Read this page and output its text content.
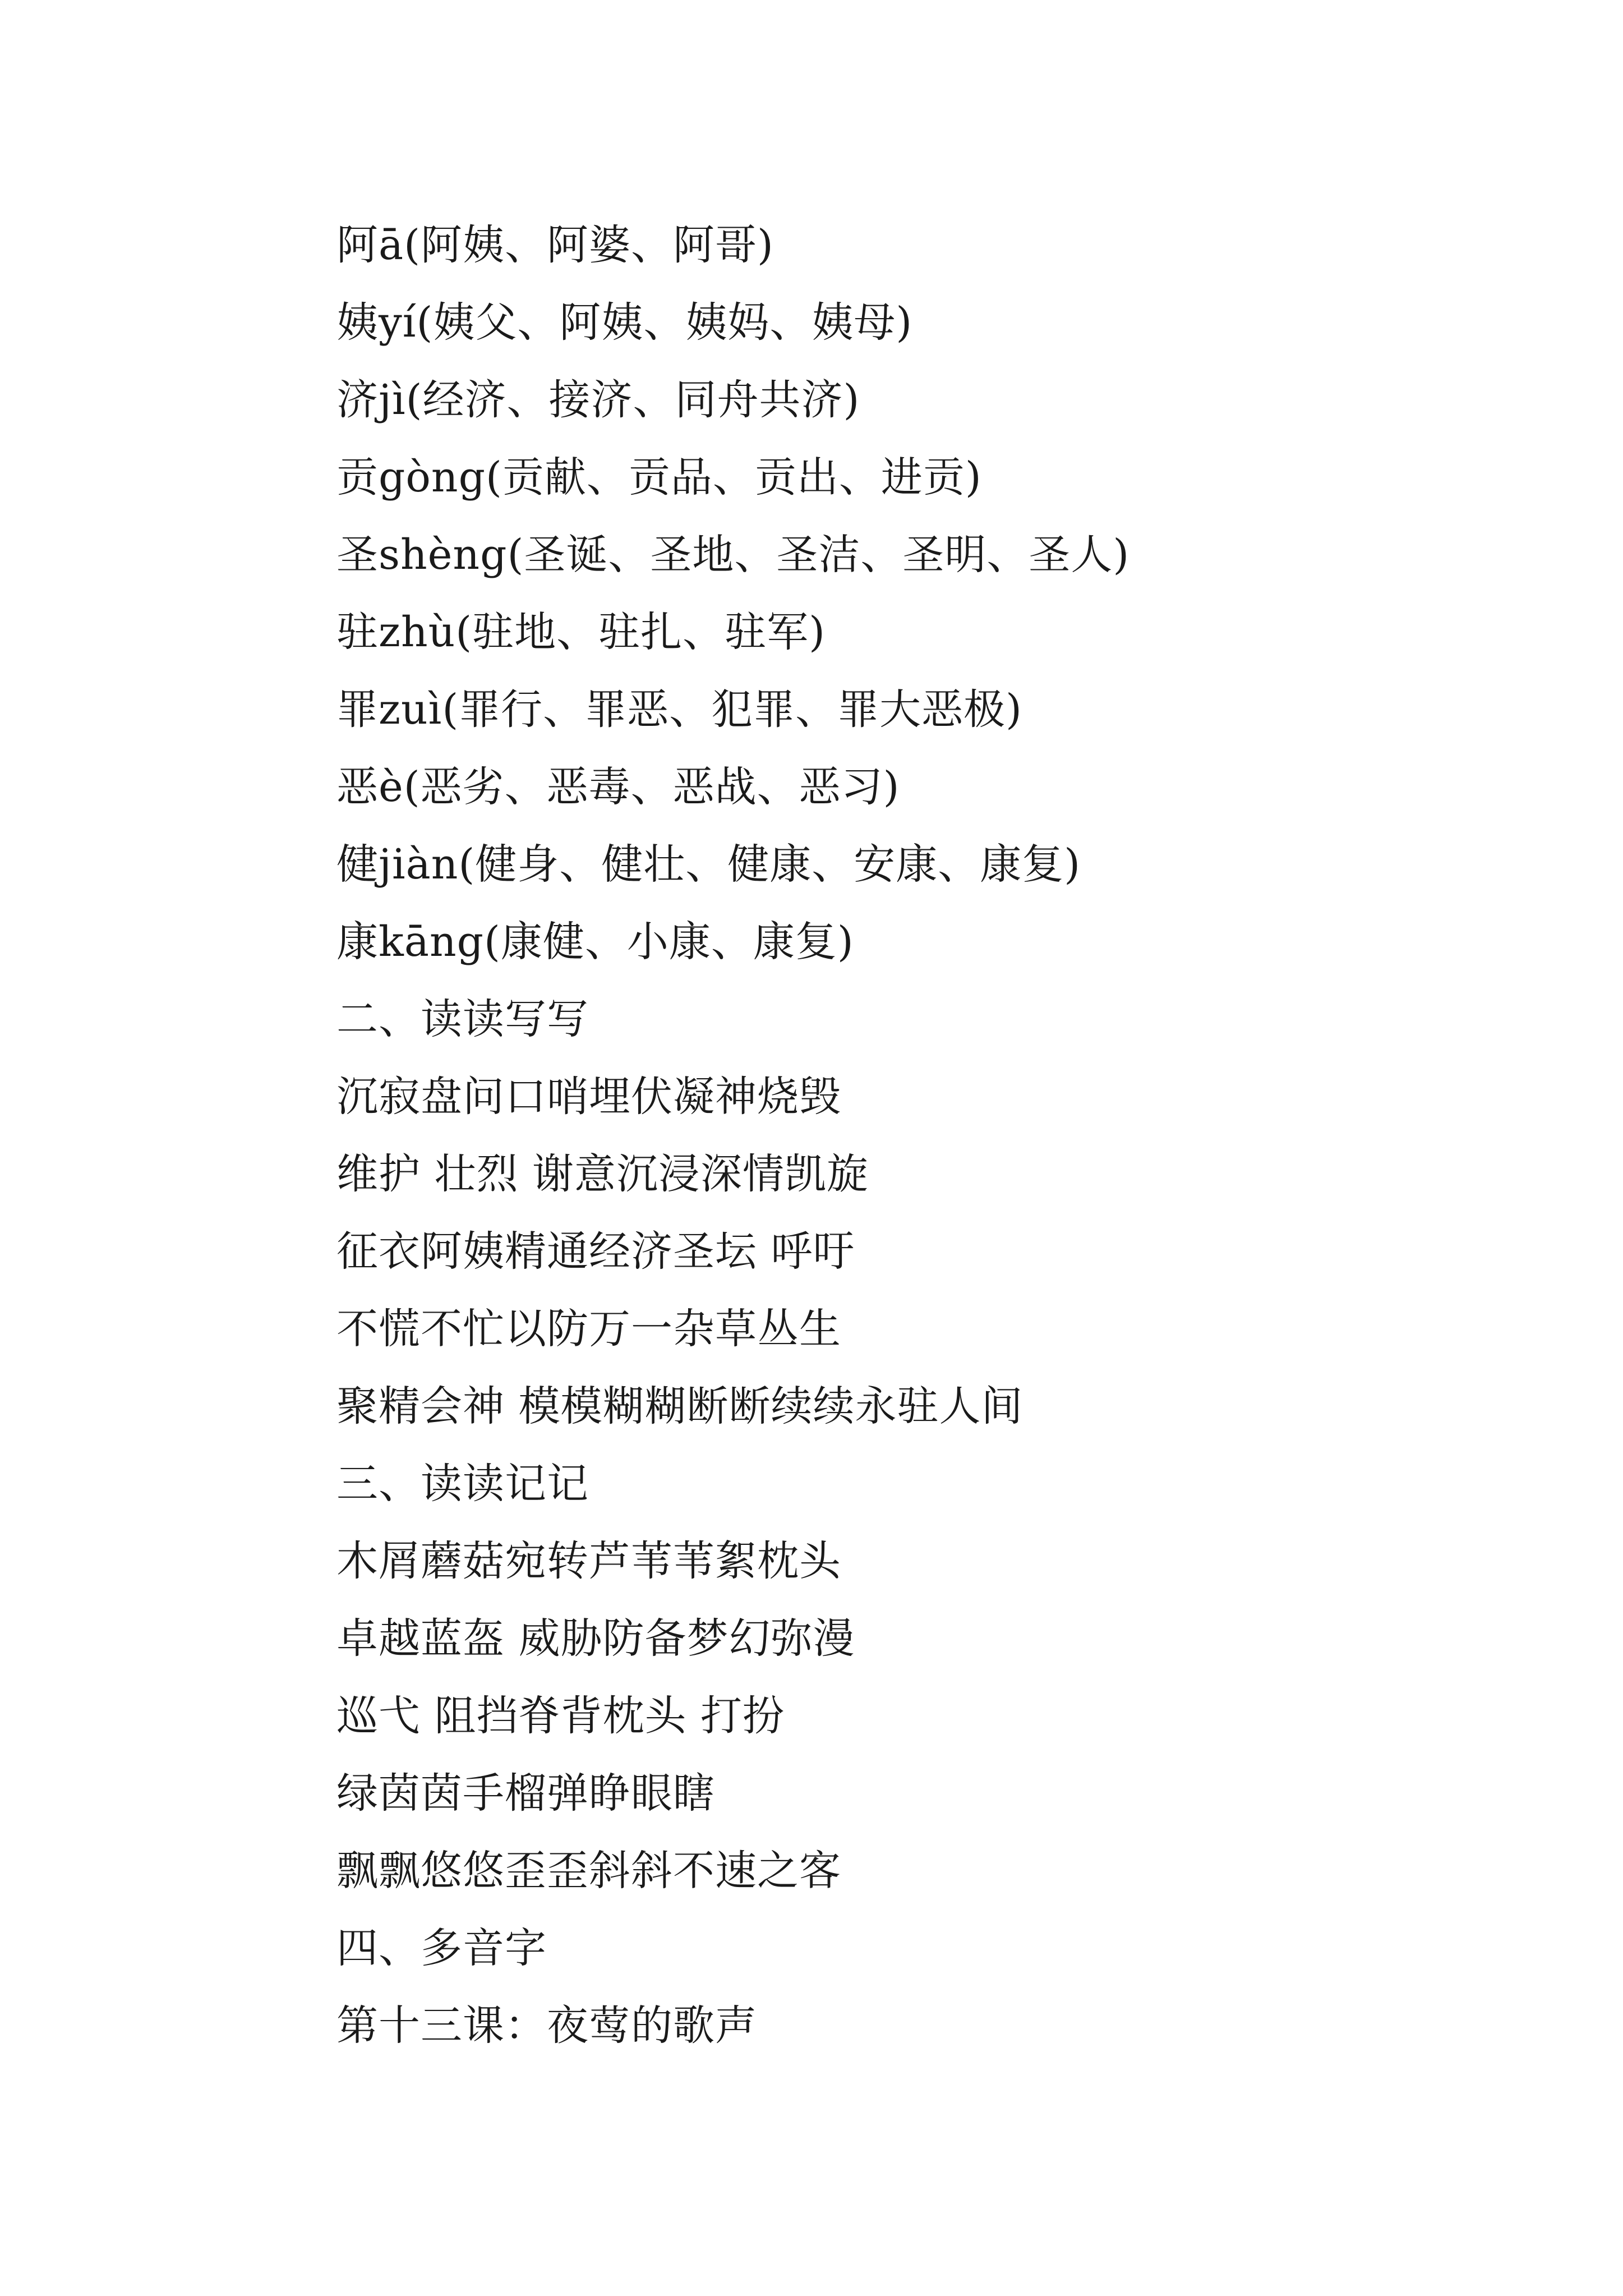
阿ā(阿姨、阿婆、阿哥)
姨yí(姨父、阿姨、姨妈、姨母)
济jì(经济、接济、同舟共济)
贡gòng(贡献、贡品、贡出、进贡)
圣shèng(圣诞、圣地、圣洁、圣明、圣人)
驻zhù(驻地、驻扎、驻军)
罪zuì(罪行、罪恶、犯罪、罪大恶极)
恶è(恶劣、恶毒、恶战、恶习)
健jiàn(健身、健壮、健康、安康、康复)
康kāng(康健、小康、康复)
二、读读写写
沉寂盘问口哨埋伏凝神烧毁
维护 壮烈 谢意沉浸深情凯旋
征衣阿姨精通经济圣坛 呼吁
不慌不忙以防万一杂草丛生
聚精会神 模模糊糊断断续续永驻人间
三、读读记记
木屑蘑菇宛转芦苇苇絮枕头
卓越蓝盔 威胁防备梦幻弥漫
巡弋 阻挡脊背枕头 打扮
绿茵茵手榴弹睁眼瞎
飘飘悠悠歪歪斜斜不速之客
四、多音字
第十三课：夜莺的歌声
